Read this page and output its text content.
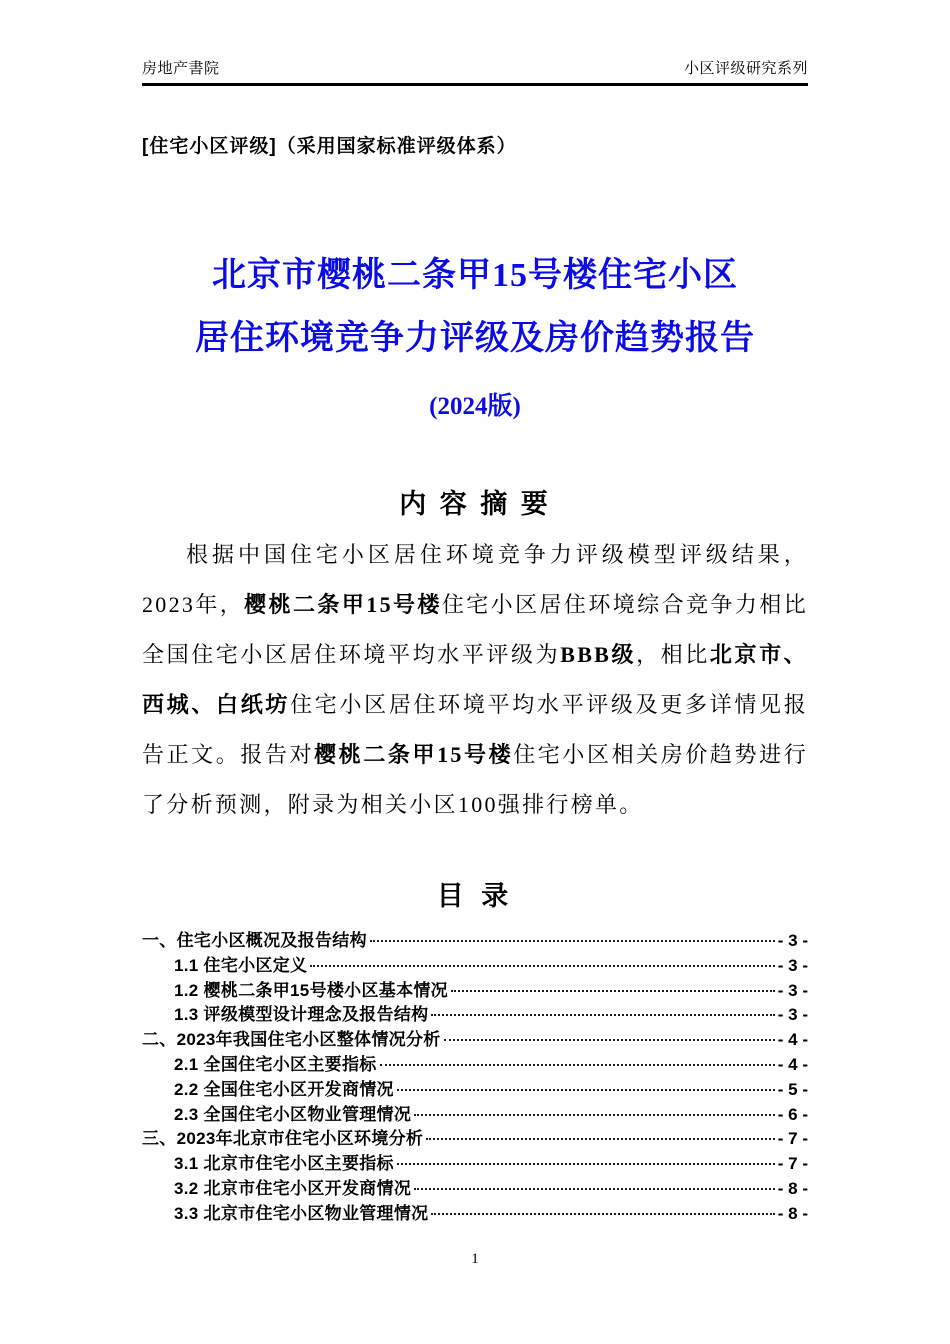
房地产書院	小区评级研究系列
[住宅小区评级]（采用国家标准评级体系）
北京市樱桃二条甲15号楼住宅小区
居住环境竞争力评级及房价趋势报告
(2024版)
内 容 摘 要

根据中国住宅小区居住环境竞争力评级模型评级结果，2023年，樱桃二条甲15号楼住宅小区居住环境综合竞争力相比全国住宅小区居住环境平均水平评级为BBB级，相比北京市、西城、白纸坊住宅小区居住环境平均水平评级及更多详情见报告正文。报告对樱桃二条甲15号楼住宅小区相关房价趋势进行了分析预测，附录为相关小区100强排行榜单。

目 录
一、住宅小区概况及报告结构	- 3 -
1.1 住宅小区定义	- 3 -
1.2 樱桃二条甲15号楼小区基本情况	- 3 -
1.3 评级模型设计理念及报告结构	- 3 -
二、2023年我国住宅小区整体情况分析	- 4 -
2.1 全国住宅小区主要指标	- 4 -
2.2 全国住宅小区开发商情况	- 5 -
2.3 全国住宅小区物业管理情况	- 6 -
三、2023年北京市住宅小区环境分析	- 7 -
3.1 北京市住宅小区主要指标	- 7 -
3.2 北京市住宅小区开发商情况	- 8 -
3.3 北京市住宅小区物业管理情况	- 8 -
1
